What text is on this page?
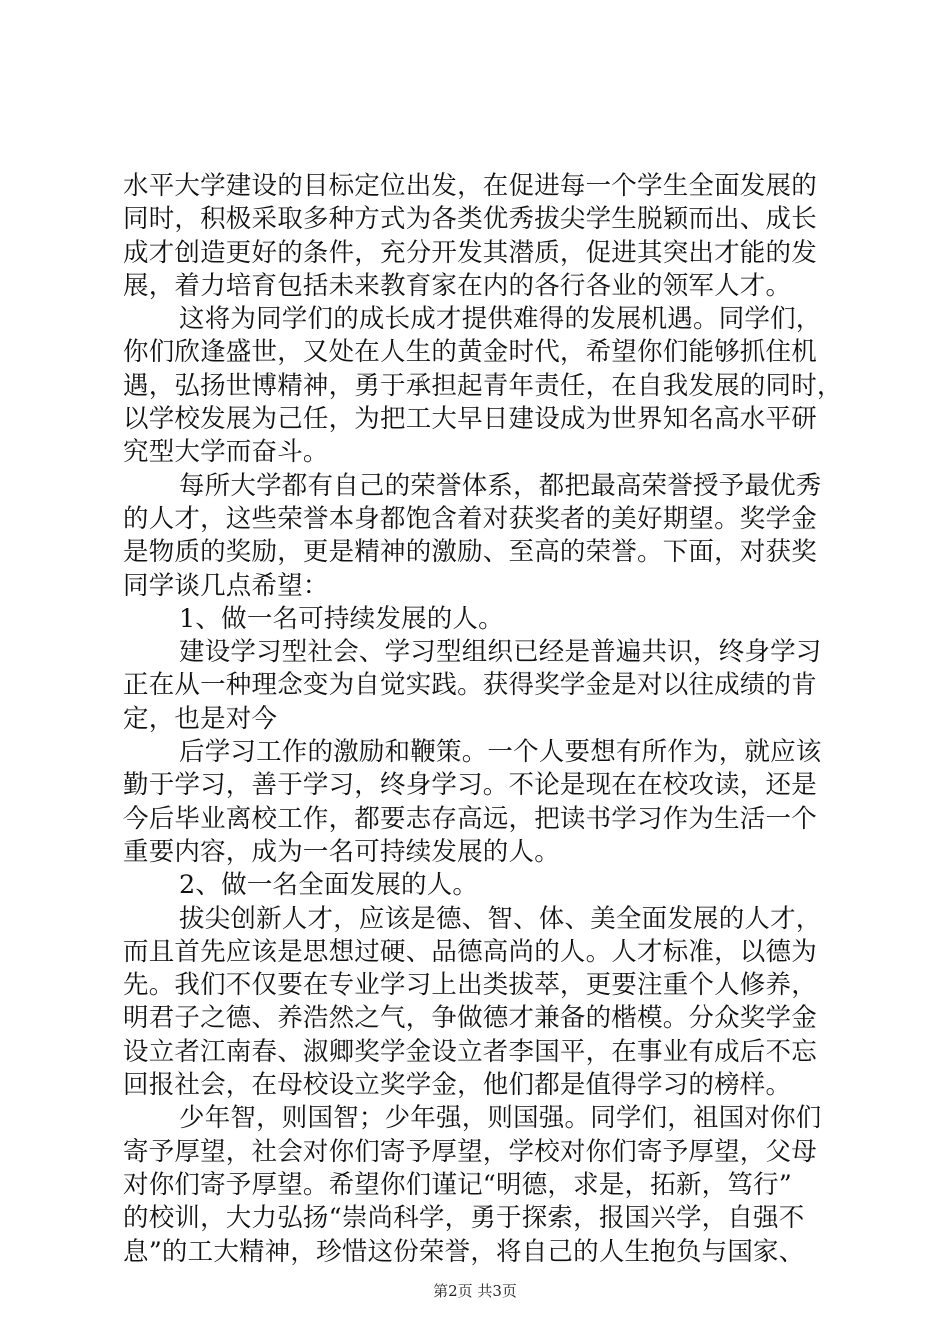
水平大学建设的目标定位出发，在促进每一个学生全面发展的
同时，积极采取多种方式为各类优秀拔尖学生脱颖而出、成长
成才创造更好的条件，充分开发其潜质，促进其突出才能的发
展，着力培育包括未来教育家在内的各行各业的领军人才。
这将为同学们的成长成才提供难得的发展机遇。同学们，
你们欣逢盛世，又处在人生的黄金时代，希望你们能够抓住机
遇，弘扬世博精神，勇于承担起青年责任，在自我发展的同时，
以学校发展为己任，为把工大早日建设成为世界知名高水平研
究型大学而奋斗。
每所大学都有自己的荣誉体系，都把最高荣誉授予最优秀
的人才，这些荣誉本身都饱含着对获奖者的美好期望。奖学金
是物质的奖励，更是精神的激励、至高的荣誉。下面，对获奖
同学谈几点希望：
1、做一名可持续发展的人。
建设学习型社会、学习型组织已经是普遍共识，终身学习
正在从一种理念变为自觉实践。获得奖学金是对以往成绩的肯
定，也是对今
后学习工作的激励和鞭策。一个人要想有所作为，就应该
勤于学习，善于学习，终身学习。不论是现在在校攻读，还是
今后毕业离校工作，都要志存高远，把读书学习作为生活一个
重要内容，成为一名可持续发展的人。
2、做一名全面发展的人。
拔尖创新人才，应该是德、智、体、美全面发展的人才，
而且首先应该是思想过硬、品德高尚的人。人才标准，以德为
先。我们不仅要在专业学习上出类拔萃，更要注重个人修养，
明君子之德、养浩然之气，争做德才兼备的楷模。分众奖学金
设立者江南春、淑卿奖学金设立者李国平，在事业有成后不忘
回报社会，在母校设立奖学金，他们都是值得学习的榜样。
少年智，则国智；少年强，则国强。同学们，祖国对你们
寄予厚望，社会对你们寄予厚望，学校对你们寄予厚望，父母
对你们寄予厚望。希望你们谨记“明德，求是，拓新，笃行”
的校训，大力弘扬“崇尚科学，勇于探索，报国兴学，自强不
息”的工大精神，珍惜这份荣誉，将自己的人生抱负与国家、
第2页 共3页
